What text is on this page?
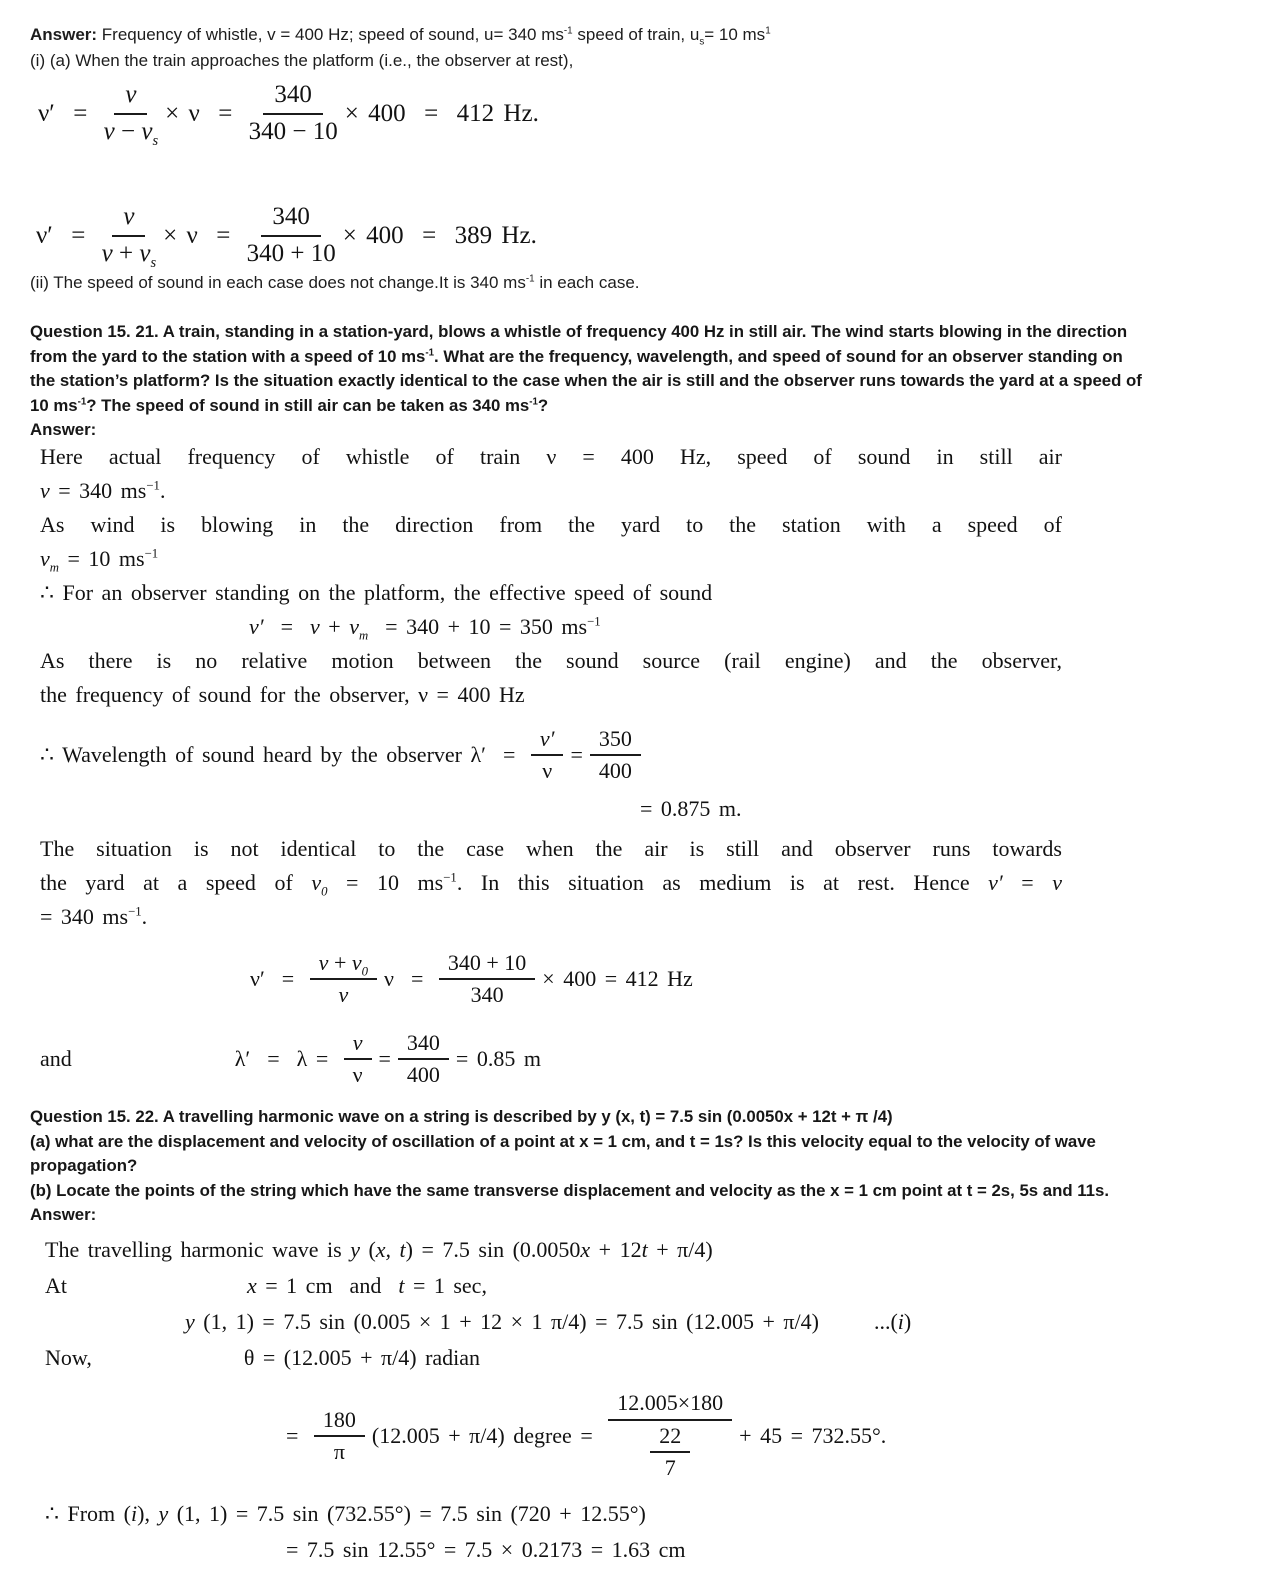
Answer: Frequency of whistle, v = 400 Hz; speed of sound, u= 340 $ms^{-1}$ speed of train, $u_s= 10$ $ms^1$
(i) (a) When the train approaches the platform (i.e., the observer at rest),
$\nu' = \frac{v}{v - v_s} \times \nu = \frac{340}{340 - 10} \times 400 = 412$ Hz.
$\nu' = \frac{v}{v + v_s} \times \nu = \frac{340}{340 + 10} \times 400 = 389$ Hz.
(ii) The speed of sound in each case does not change.It is 340 $ms^{-1}$ in each case.
Question 15. 21. A train, standing in a station-yard, blows a whistle of frequency 400 Hz in still air. The wind starts blowing in the direction
from the yard to the station with a speed of 10 $ms^{-1}$. What are the frequency, wavelength, and speed of sound for an observer standing on
the station’s platform? Is the situation exactly identical to the case when the air is still and the observer runs towards the yard at a speed of
10 $ms^{-1}$? The speed of sound in still air can be taken as 340 $ms^{-1}$?
Answer:
Here actual frequency of whistle of train ν = 400 Hz, speed of sound in still air
v = 340 $ms^{-1}$.
As wind is blowing in the direction from the yard to the station with a speed of
$v_m = 10$ $ms^{-1}$
∴ For an observer standing on the platform, the effective speed of sound
$v' = v + v_m = 340 + 10 = 350$ $ms^{-1}$
As there is no relative motion between the sound source (rail engine) and the observer,
the frequency of sound for the observer, ν = 400 Hz
∴ Wavelength of sound heard by the observer $\lambda' = \frac{v'}{\nu} = \frac{350}{400}$
= 0.875 m.
The situation is not identical to the case when the air is still and observer runs towards
the yard at a speed of $v_0 = 10$ $ms^{-1}$. In this situation as medium is at rest. Hence v′ = v
= 340 $ms^{-1}$.
$\nu' = \frac{v + v_0}{v}$ $\nu = \frac{340 + 10}{340} \times 400 = 412$ Hz
and	$\lambda' = \lambda = \frac{v}{\nu} = \frac{340}{400} = 0.85$ m
Question 15. 22. A travelling harmonic wave on a string is described by y (x, t) = 7.5 sin (0.0050x + 12t + π /4)
(a) what are the displacement and velocity of oscillation of a point at x = 1 cm, and t = 1s? Is this velocity equal to the velocity of wave
propagation?
(b) Locate the points of the string which have the same transverse displacement and velocity as the x = 1 cm point at t = 2s, 5s and 11s.
Answer:
The travelling harmonic wave is y (x, t) = 7.5 sin (0.0050x + 12t + π/4)
At	x = 1 cm  and  t = 1 sec,
y (1, 1) = 7.5 sin (0.005 × 1 + 12 × 1 π/4) = 7.5 sin (12.005 + π/4)	...(i)
Now,	θ = (12.005 + π/4) radian
= $\frac{180}{\pi} (12.005 + \pi/4)$ degree = $\frac{12.005\times 180}{\frac{22}{7}} + 45 = 732.55^\circ$.
∴ From (i), y (1, 1) = 7.5 sin (732.55°) = 7.5 sin (720 + 12.55°)
= 7.5 sin 12.55° = 7.5 × 0.2173 = 1.63 cm
